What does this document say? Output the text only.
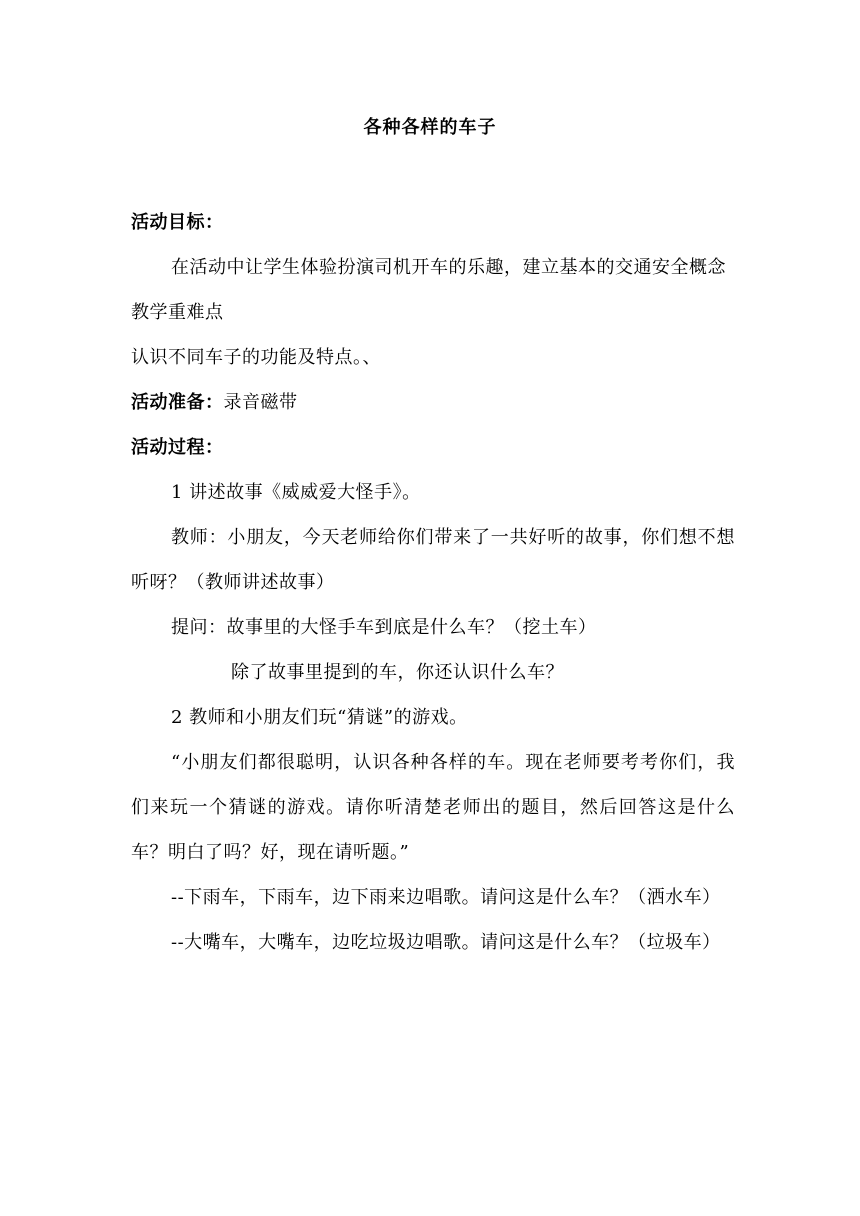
各种各样的车子

活动目标：

在活动中让学生体验扮演司机开车的乐趣，建立基本的交通安全概念

教学重难点

认识不同车子的功能及特点。、

活动准备：录音磁带

活动过程：

1 讲述故事《威威爱大怪手》。

教师：小朋友，今天老师给你们带来了一共好听的故事，你们想不想听呀？（教师讲述故事）

提问：故事里的大怪手车到底是什么车？（挖土车）

除了故事里提到的车，你还认识什么车？

2 教师和小朋友们玩“猜谜”的游戏。

“小朋友们都很聪明，认识各种各样的车。现在老师要考考你们，我们来玩一个猜谜的游戏。请你听清楚老师出的题目，然后回答这是什么车？明白了吗？好，现在请听题。”

--下雨车，下雨车，边下雨来边唱歌。请问这是什么车？（洒水车）

--大嘴车，大嘴车，边吃垃圾边唱歌。请问这是什么车？（垃圾车）
